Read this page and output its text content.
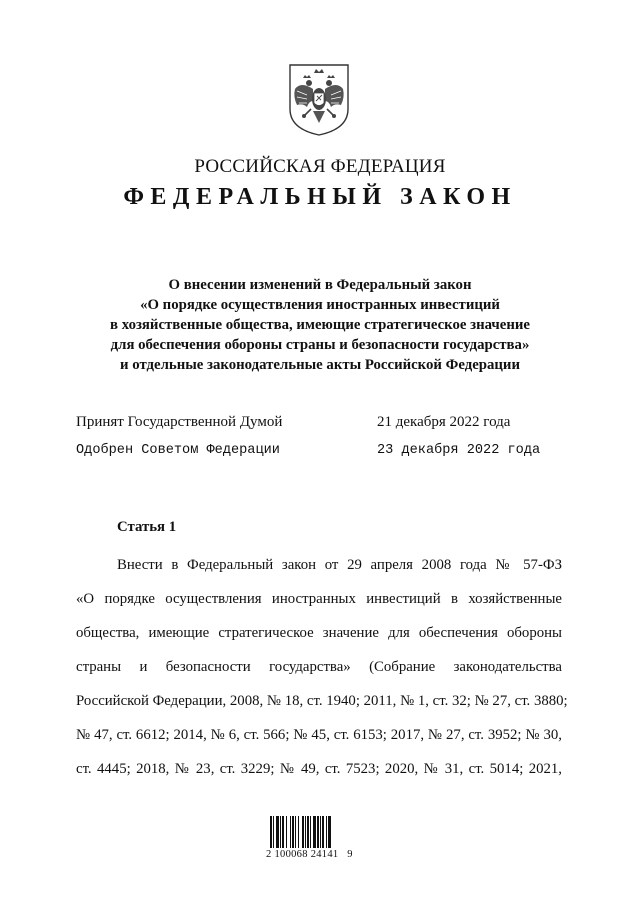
РОССИЙСКАЯ ФЕДЕРАЦИЯ
ФЕДЕРАЛЬНЫЙ ЗАКОН
О внесении изменений в Федеральный закон
«О порядке осуществления иностранных инвестиций
в хозяйственные общества, имеющие стратегическое значение
для обеспечения обороны страны и безопасности государства»
и отдельные законодательные акты Российской Федерации
Принят Государственной Думой	21 декабря 2022 года
Одобрен Советом Федерации	23 декабря 2022 года
Статья 1
Внести в Федеральный закон от 29 апреля 2008 года № 57-ФЗ
«О порядке осуществления иностранных инвестиций в хозяйственные
общества, имеющие стратегическое значение для обеспечения обороны
страны и безопасности государства» (Собрание законодательства
Российской Федерации, 2008, № 18, ст. 1940; 2011, № 1, ст. 32; № 27, ст. 3880;
№ 47, ст. 6612; 2014, № 6, ст. 566; № 45, ст. 6153; 2017, № 27, ст. 3952; № 30,
ст. 4445; 2018, № 23, ст. 3229; № 49, ст. 7523; 2020, № 31, ст. 5014; 2021,
2 100068 24141   9
